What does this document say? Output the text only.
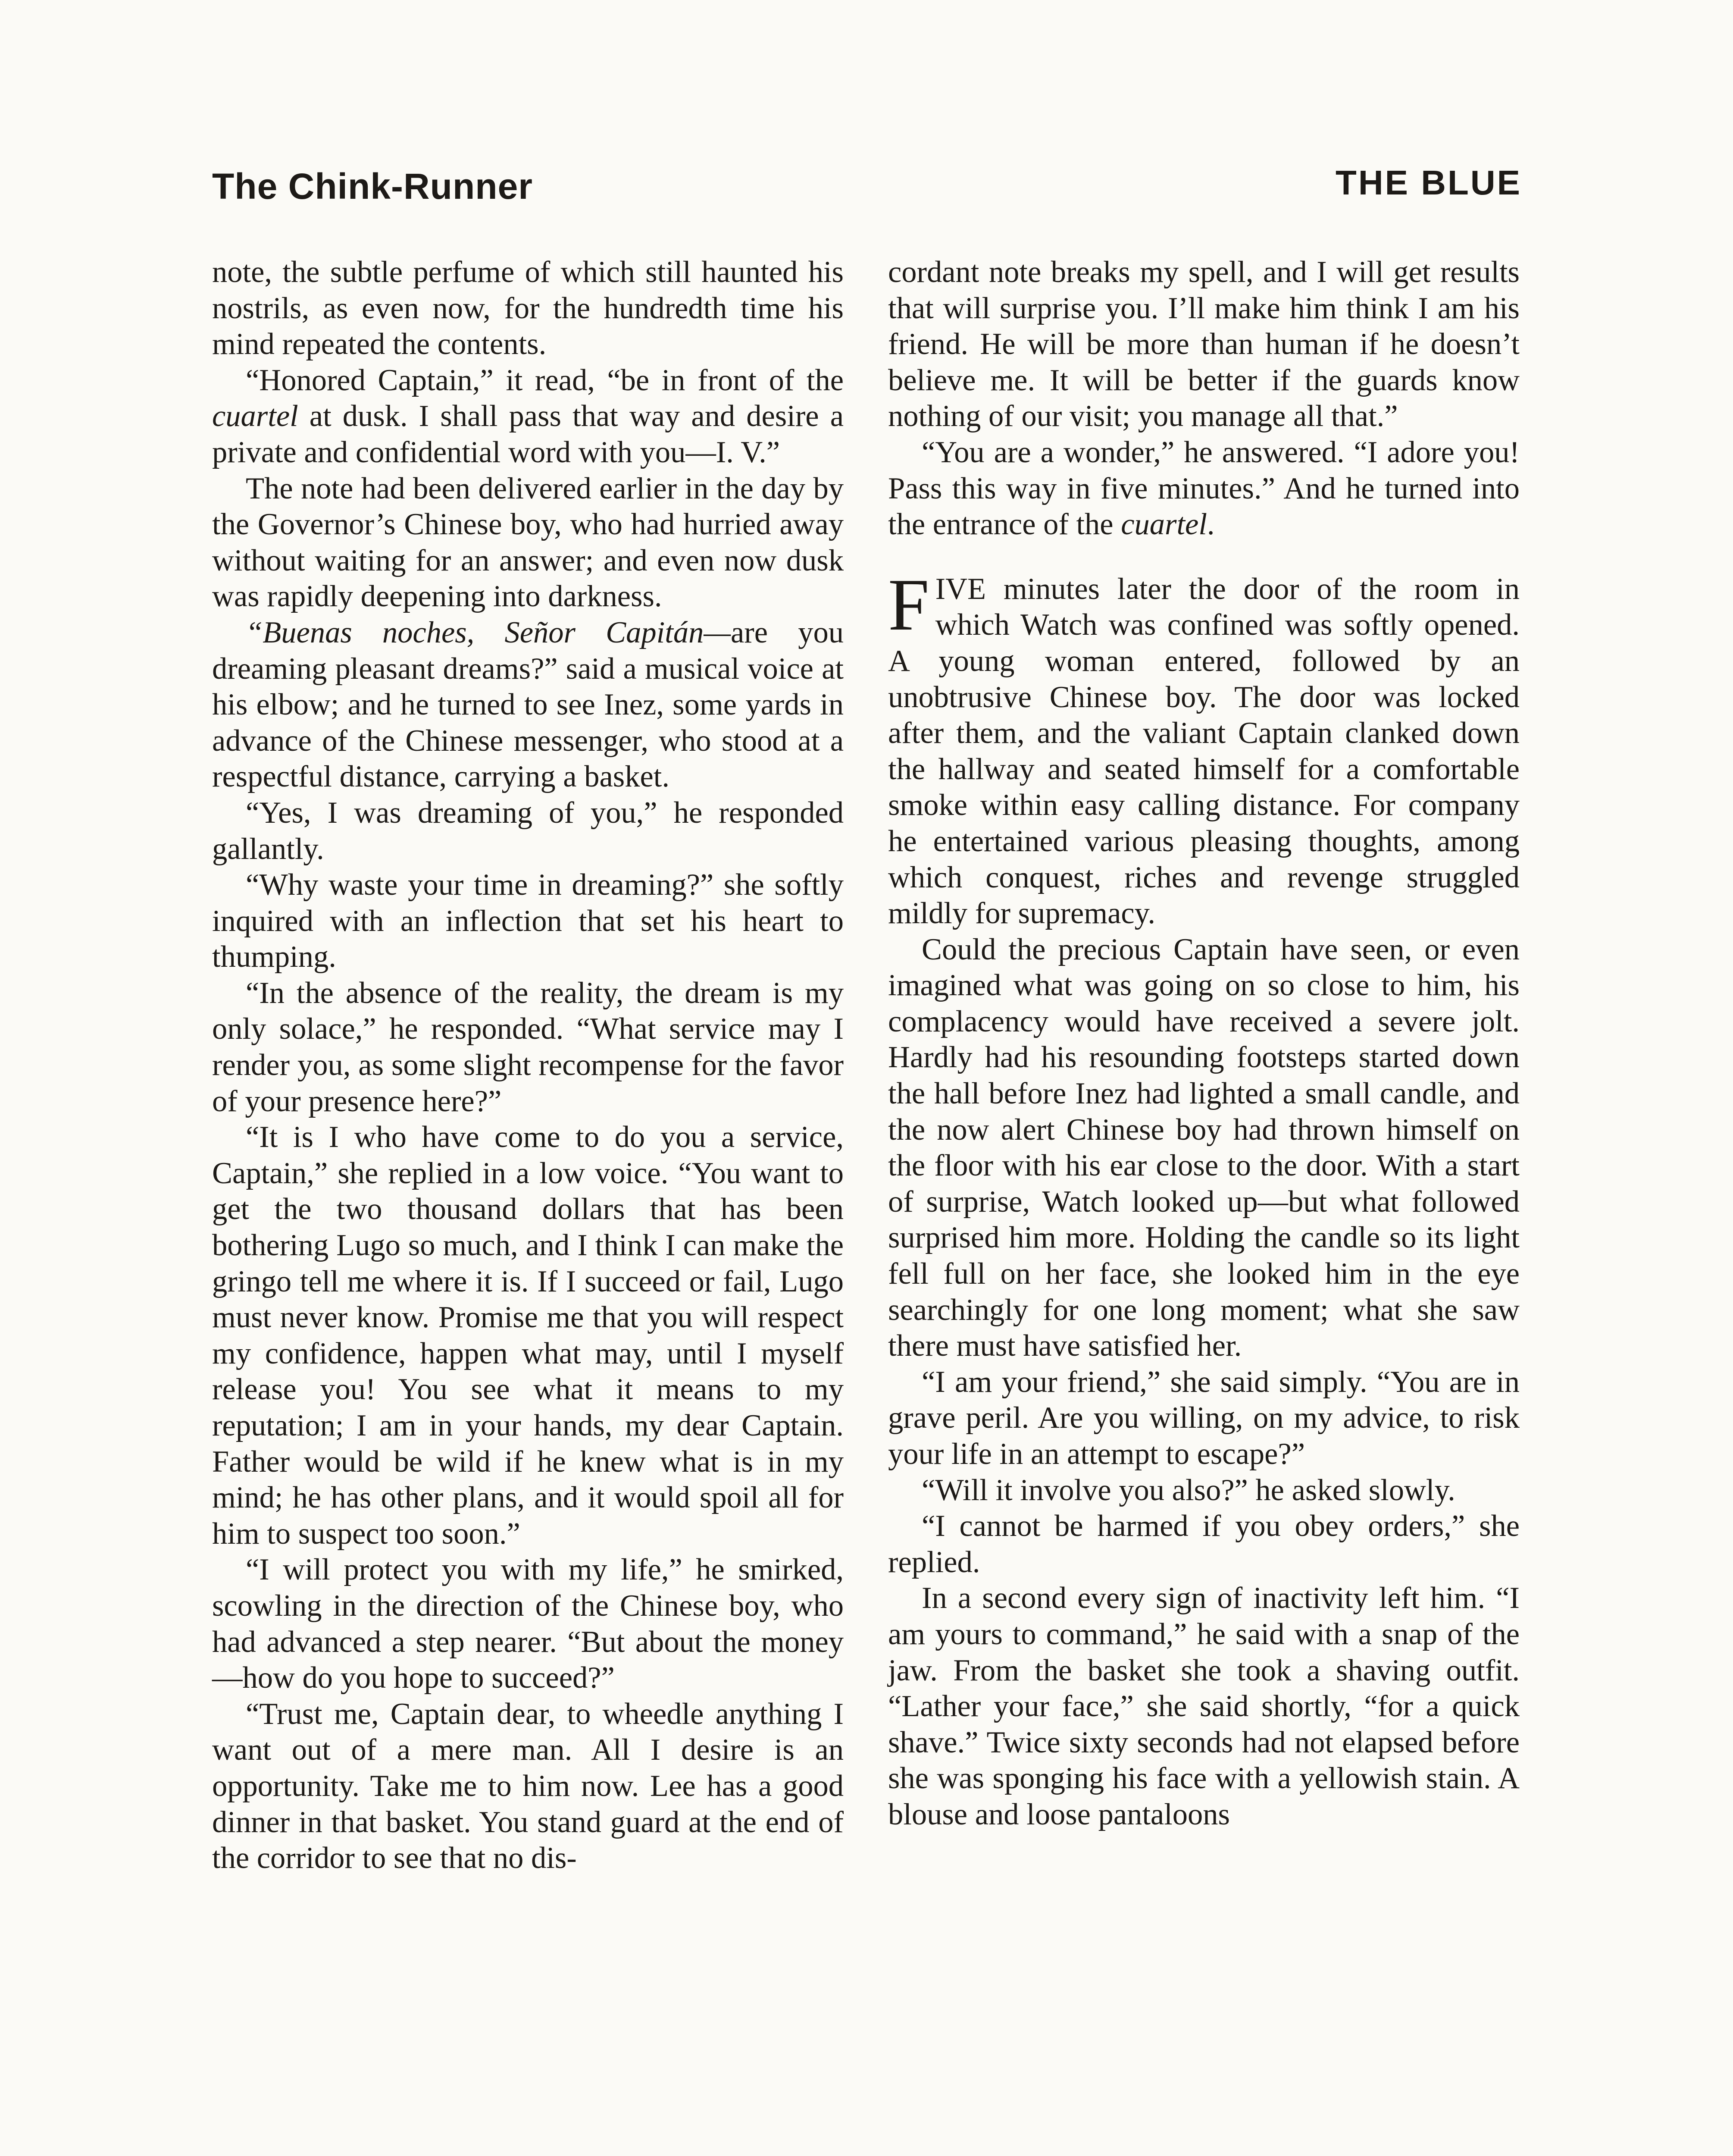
The Chink-Runner	THE BLUE

note, the subtle perfume of which still haunted his nostrils, as even now, for the hundredth time his mind repeated the contents.

“Honored Captain,” it read, “be in front of the cuartel at dusk. I shall pass that way and desire a private and confidential word with you—I. V.”

The note had been delivered earlier in the day by the Governor’s Chinese boy, who had hurried away without waiting for an answer; and even now dusk was rapidly deepening into darkness.

“Buenas noches, Señor Capitán—are you dreaming pleasant dreams?” said a musical voice at his elbow; and he turned to see Inez, some yards in advance of the Chinese messenger, who stood at a respectful distance, carrying a basket.

“Yes, I was dreaming of you,” he responded gallantly.

“Why waste your time in dreaming?” she softly inquired with an inflection that set his heart to thumping.

“In the absence of the reality, the dream is my only solace,” he responded. “What service may I render you, as some slight recompense for the favor of your presence here?”

“It is I who have come to do you a service, Captain,” she replied in a low voice. “You want to get the two thousand dollars that has been bothering Lugo so much, and I think I can make the gringo tell me where it is. If I succeed or fail, Lugo must never know. Promise me that you will respect my confidence, happen what may, until I myself release you! You see what it means to my reputation; I am in your hands, my dear Captain. Father would be wild if he knew what is in my mind; he has other plans, and it would spoil all for him to suspect too soon.”

“I will protect you with my life,” he smirked, scowling in the direction of the Chinese boy, who had advanced a step nearer. “But about the money—how do you hope to succeed?”

“Trust me, Captain dear, to wheedle anything I want out of a mere man. All I desire is an opportunity. Take me to him now. Lee has a good dinner in that basket. You stand guard at the end of the corridor to see that no dis-

cordant note breaks my spell, and I will get results that will surprise you. I’ll make him think I am his friend. He will be more than human if he doesn’t believe me. It will be better if the guards know nothing of our visit; you manage all that.”

“You are a wonder,” he answered. “I adore you! Pass this way in five minutes.” And he turned into the entrance of the cuartel.

FIVE minutes later the door of the room in which Watch was confined was softly opened. A young woman entered, followed by an unobtrusive Chinese boy. The door was locked after them, and the valiant Captain clanked down the hallway and seated himself for a comfortable smoke within easy calling distance. For company he entertained various pleasing thoughts, among which conquest, riches and revenge struggled mildly for supremacy.

Could the precious Captain have seen, or even imagined what was going on so close to him, his complacency would have received a severe jolt. Hardly had his resounding footsteps started down the hall before Inez had lighted a small candle, and the now alert Chinese boy had thrown himself on the floor with his ear close to the door. With a start of surprise, Watch looked up—but what followed surprised him more. Holding the candle so its light fell full on her face, she looked him in the eye searchingly for one long moment; what she saw there must have satisfied her.

“I am your friend,” she said simply. “You are in grave peril. Are you willing, on my advice, to risk your life in an attempt to escape?”

“Will it involve you also?” he asked slowly.

“I cannot be harmed if you obey orders,” she replied.

In a second every sign of inactivity left him. “I am yours to command,” he said with a snap of the jaw. From the basket she took a shaving outfit. “Lather your face,” she said shortly, “for a quick shave.” Twice sixty seconds had not elapsed before she was sponging his face with a yellowish stain. A blouse and loose pantaloons
